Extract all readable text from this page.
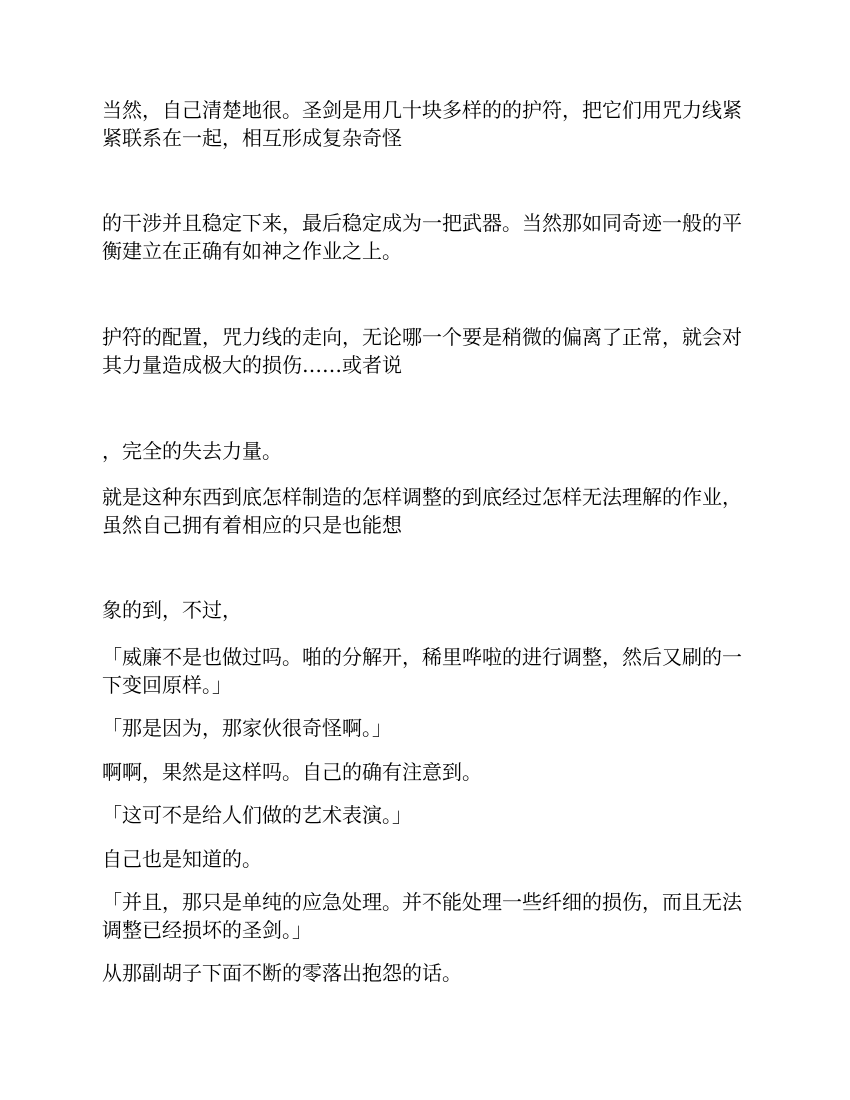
当然，自己清楚地很。圣剑是用几十块多样的的护符，把它们用咒力线紧紧联系在一起，相互形成复杂奇怪

的干涉并且稳定下来，最后稳定成为一把武器。当然那如同奇迹一般的平衡建立在正确有如神之作业之上。

护符的配置，咒力线的走向，无论哪一个要是稍微的偏离了正常，就会对其力量造成极大的损伤……或者说

，完全的失去力量。

就是这种东西到底怎样制造的怎样调整的到底经过怎样无法理解的作业，虽然自己拥有着相应的只是也能想

象的到，不过，

「威廉不是也做过吗。啪的分解开，稀里哗啦的进行调整，然后又刷的一下变回原样。」

「那是因为，那家伙很奇怪啊。」

啊啊，果然是这样吗。自己的确有注意到。

「这可不是给人们做的艺术表演。」

自己也是知道的。

「并且，那只是单纯的应急处理。并不能处理一些纤细的损伤，而且无法调整已经损坏的圣剑。」

从那副胡子下面不断的零落出抱怨的话。
